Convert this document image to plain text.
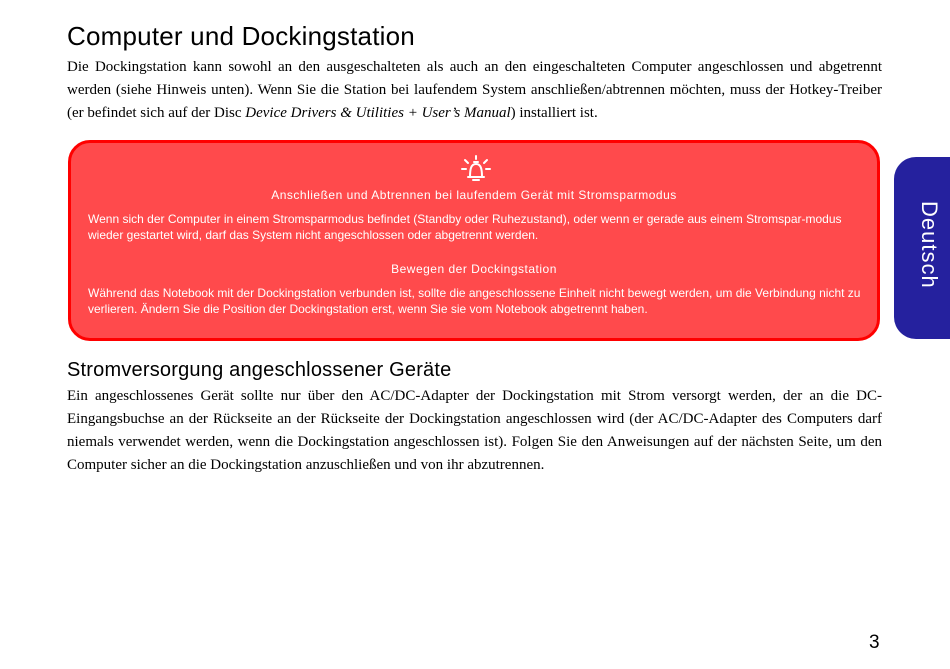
Computer und Dockingstation

Die Dockingstation kann sowohl an den ausgeschalteten als auch an den eingeschalteten Computer angeschlossen und abgetrennt werden (siehe Hinweis unten). Wenn Sie die Station bei laufendem System anschließen/abtrennen möchten, muss der Hotkey-Treiber (er befindet sich auf der Disc Device Drivers & Utilities + User’s Manual) installiert ist.

Anschließen und Abtrennen bei laufendem Gerät mit Stromsparmodus
Wenn sich der Computer in einem Stromsparmodus befindet (Standby oder Ruhezustand), oder wenn er gerade aus einem Stromspar-modus wieder gestartet wird, darf das System nicht angeschlossen oder abgetrennt werden.
Bewegen der Dockingstation
Während das Notebook mit der Dockingstation verbunden ist, sollte die angeschlossene Einheit nicht bewegt werden, um die Verbindung nicht zu verlieren. Ändern Sie die Position der Dockingstation erst, wenn Sie sie vom Notebook abgetrennt haben.
Stromversorgung angeschlossener Geräte

Ein angeschlossenes Gerät sollte nur über den AC/DC-Adapter der Dockingstation mit Strom versorgt werden, der an die DC-Eingangsbuchse an der Rückseite an der Rückseite der Dockingstation angeschlossen wird (der AC/DC-Adapter des Computers darf niemals verwendet werden, wenn die Dockingstation angeschlossen ist). Folgen Sie den Anweisungen auf der nächsten Seite, um den Computer sicher an die Dockingstation anzuschließen und von ihr abzutrennen.

Deutsch
3
